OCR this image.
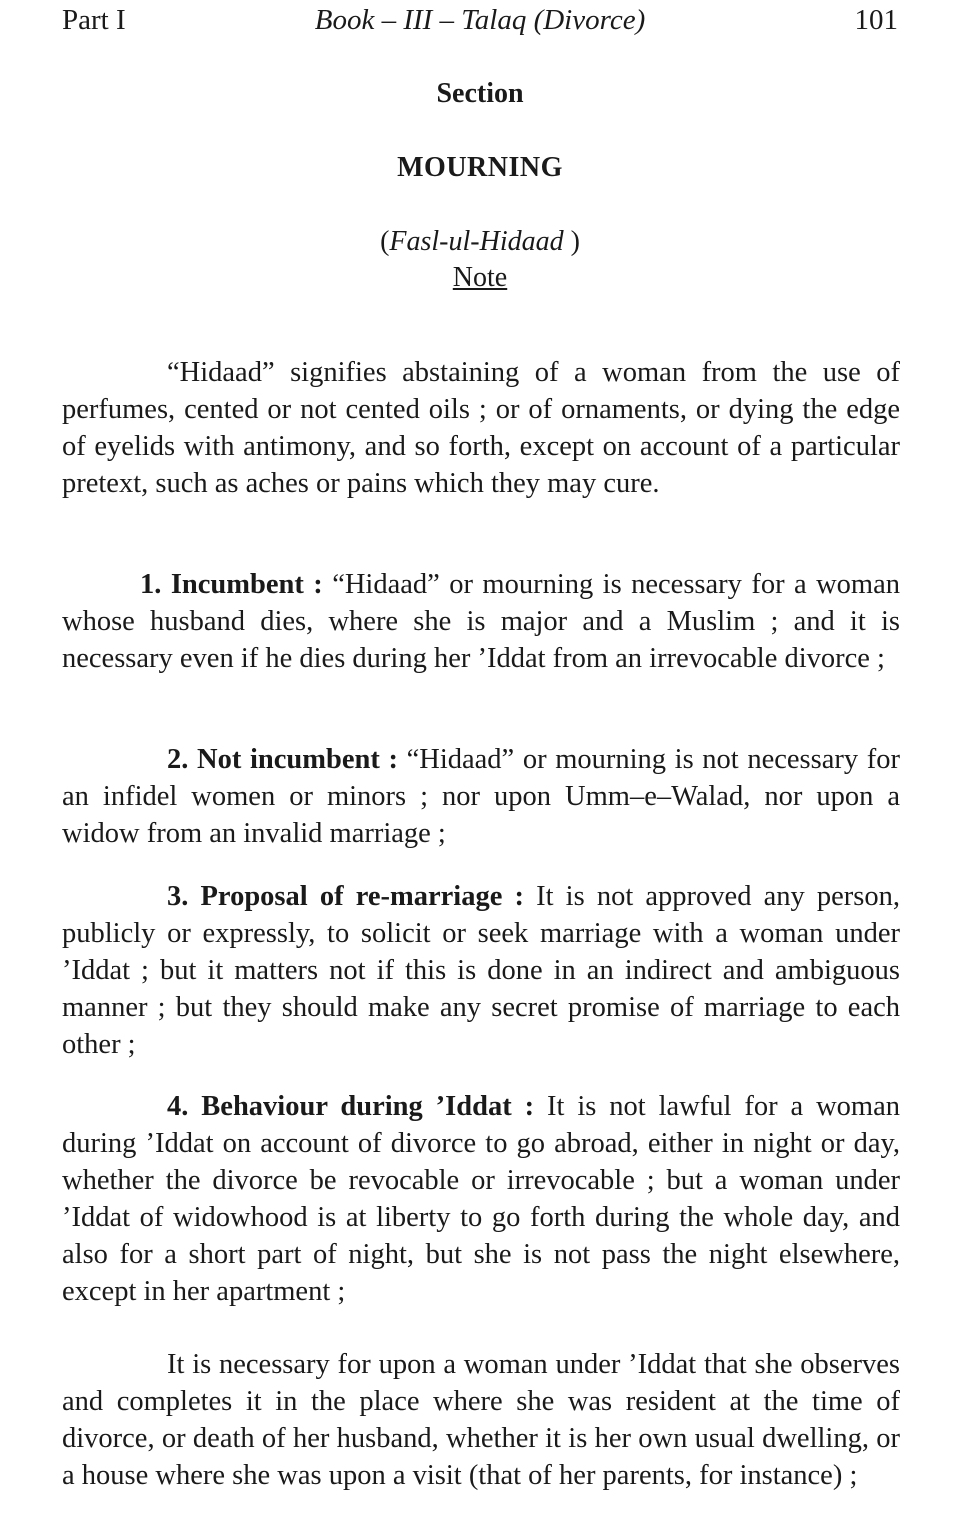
Part I	Book – III – Talaq (Divorce)	101
Section
MOURNING
(Fasl-ul-Hidaad )
Note

“Hidaad” signifies abstaining of a woman from the use of perfumes, cented or not cented oils ; or of ornaments, or dying the edge of eyelids with antimony, and so forth, except on account of a particular pretext, such as aches or pains which they may cure.

1. Incumbent : “Hidaad” or mourning is necessary for a woman whose husband dies, where she is major and a Muslim ; and it is necessary even if he dies during her ’Iddat from an irrevocable divorce ;

2. Not incumbent : “Hidaad” or mourning is not necessary for an infidel women or minors ; nor upon Umm–e–Walad, nor upon a widow from an invalid marriage ;

3. Proposal of re-marriage : It is not approved any person, publicly or expressly, to solicit or seek marriage with a woman under ’Iddat ; but it matters not if this is done in an indirect and ambiguous manner ; but they should make any secret promise of marriage to each other ;

4. Behaviour during ’Iddat : It is not lawful for a woman during ’Iddat on account of divorce to go abroad, either in night or day, whether the divorce be revocable or irrevocable ; but a woman under ’Iddat of widowhood is at liberty to go forth during the whole day, and also for a short part of night, but she is not pass the night elsewhere, except in her apartment ;

It is necessary for upon a woman under ’Iddat that she observes and completes it in the place where she was resident at the time of divorce, or death of her husband, whether it is her own usual dwelling, or a house where she was upon a visit (that of her parents, for instance) ;
